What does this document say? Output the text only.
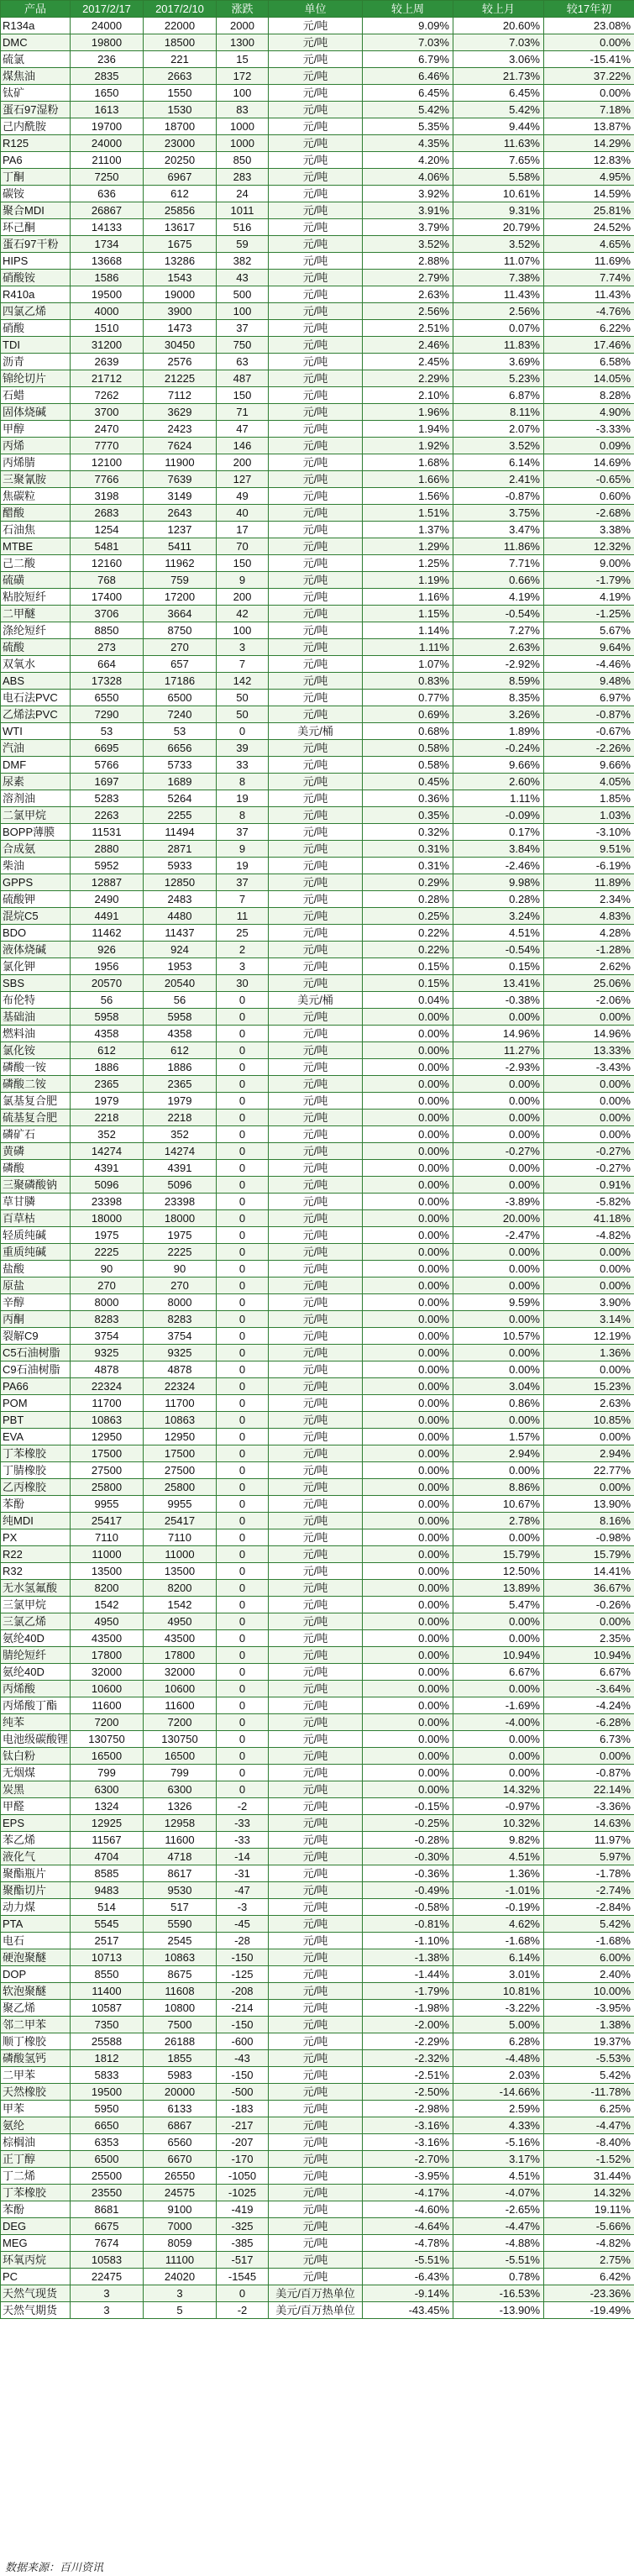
产品	2017/2/17	2017/2/10	涨跌	单位	较上周	较上月	较17年初
R134a	24000	22000	2000	元/吨	9.09%	20.60%	23.08%
DMC	19800	18500	1300	元/吨	7.03%	7.03%	0.00%
硫氯	236	221	15	元/吨	6.79%	3.06%	-15.41%
煤焦油	2835	2663	172	元/吨	6.46%	21.73%	37.22%
钛矿	1650	1550	100	元/吨	6.45%	6.45%	0.00%
蛋石97湿粉	1613	1530	83	元/吨	5.42%	5.42%	7.18%
己内酰胺	19700	18700	1000	元/吨	5.35%	9.44%	13.87%
R125	24000	23000	1000	元/吨	4.35%	11.63%	14.29%
PA6	21100	20250	850	元/吨	4.20%	7.65%	12.83%
丁酮	7250	6967	283	元/吨	4.06%	5.58%	4.95%
碳铵	636	612	24	元/吨	3.92%	10.61%	14.59%
聚合MDI	26867	25856	1011	元/吨	3.91%	9.31%	25.81%
环己酮	14133	13617	516	元/吨	3.79%	20.79%	24.52%
蛋石97干粉	1734	1675	59	元/吨	3.52%	3.52%	4.65%
HIPS	13668	13286	382	元/吨	2.88%	11.07%	11.69%
硝酸铵	1586	1543	43	元/吨	2.79%	7.38%	7.74%
R410a	19500	19000	500	元/吨	2.63%	11.43%	11.43%
四氯乙烯	4000	3900	100	元/吨	2.56%	2.56%	-4.76%
硝酸	1510	1473	37	元/吨	2.51%	0.07%	6.22%
TDI	31200	30450	750	元/吨	2.46%	11.83%	17.46%
沥青	2639	2576	63	元/吨	2.45%	3.69%	6.58%
锦纶切片	21712	21225	487	元/吨	2.29%	5.23%	14.05%
石蜡	7262	7112	150	元/吨	2.10%	6.87%	8.28%
固体烧碱	3700	3629	71	元/吨	1.96%	8.11%	4.90%
甲醇	2470	2423	47	元/吨	1.94%	2.07%	-3.33%
丙烯	7770	7624	146	元/吨	1.92%	3.52%	0.09%
丙烯腈	12100	11900	200	元/吨	1.68%	6.14%	14.69%
三聚氰胺	7766	7639	127	元/吨	1.66%	2.41%	-0.65%
焦碳粒	3198	3149	49	元/吨	1.56%	-0.87%	0.60%
醋酸	2683	2643	40	元/吨	1.51%	3.75%	-2.68%
石油焦	1254	1237	17	元/吨	1.37%	3.47%	3.38%
MTBE	5481	5411	70	元/吨	1.29%	11.86%	12.32%
己二酸	12160	11962	150	元/吨	1.25%	7.71%	9.00%
硫磺	768	759	9	元/吨	1.19%	0.66%	-1.79%
粘胶短纤	17400	17200	200	元/吨	1.16%	4.19%	4.19%
二甲醚	3706	3664	42	元/吨	1.15%	-0.54%	-1.25%
涤纶短纤	8850	8750	100	元/吨	1.14%	7.27%	5.67%
硫酸	273	270	3	元/吨	1.11%	2.63%	9.64%
双氧水	664	657	7	元/吨	1.07%	-2.92%	-4.46%
ABS	17328	17186	142	元/吨	0.83%	8.59%	9.48%
电石法PVC	6550	6500	50	元/吨	0.77%	8.35%	6.97%
乙烯法PVC	7290	7240	50	元/吨	0.69%	3.26%	-0.87%
WTI	53	53	0	美元/桶	0.68%	1.89%	-0.67%
汽油	6695	6656	39	元/吨	0.58%	-0.24%	-2.26%
DMF	5766	5733	33	元/吨	0.58%	9.66%	9.66%
尿素	1697	1689	8	元/吨	0.45%	2.60%	4.05%
溶剂油	5283	5264	19	元/吨	0.36%	1.11%	1.85%
二氯甲烷	2263	2255	8	元/吨	0.35%	-0.09%	1.03%
BOPP薄膜	11531	11494	37	元/吨	0.32%	0.17%	-3.10%
合成氨	2880	2871	9	元/吨	0.31%	3.84%	9.51%
柴油	5952	5933	19	元/吨	0.31%	-2.46%	-6.19%
GPPS	12887	12850	37	元/吨	0.29%	9.98%	11.89%
硫酸钾	2490	2483	7	元/吨	0.28%	0.28%	2.34%
混烷C5	4491	4480	11	元/吨	0.25%	3.24%	4.83%
BDO	11462	11437	25	元/吨	0.22%	4.51%	4.28%
液体烧碱	926	924	2	元/吨	0.22%	-0.54%	-1.28%
氯化钾	1956	1953	3	元/吨	0.15%	0.15%	2.62%
SBS	20570	20540	30	元/吨	0.15%	13.41%	25.06%
布伦特	56	56	0	美元/桶	0.04%	-0.38%	-2.06%
基础油	5958	5958	0	元/吨	0.00%	0.00%	0.00%
燃料油	4358	4358	0	元/吨	0.00%	14.96%	14.96%
氯化铵	612	612	0	元/吨	0.00%	11.27%	13.33%
磷酸一铵	1886	1886	0	元/吨	0.00%	-2.93%	-3.43%
磷酸二铵	2365	2365	0	元/吨	0.00%	0.00%	0.00%
氯基复合肥	1979	1979	0	元/吨	0.00%	0.00%	0.00%
硫基复合肥	2218	2218	0	元/吨	0.00%	0.00%	0.00%
磷矿石	352	352	0	元/吨	0.00%	0.00%	0.00%
黄磷	14274	14274	0	元/吨	0.00%	-0.27%	-0.27%
磷酸	4391	4391	0	元/吨	0.00%	0.00%	-0.27%
三聚磷酸钠	5096	5096	0	元/吨	0.00%	0.00%	0.91%
草甘膦	23398	23398	0	元/吨	0.00%	-3.89%	-5.82%
百草枯	18000	18000	0	元/吨	0.00%	20.00%	41.18%
轻质纯碱	1975	1975	0	元/吨	0.00%	-2.47%	-4.82%
重质纯碱	2225	2225	0	元/吨	0.00%	0.00%	0.00%
盐酸	90	90	0	元/吨	0.00%	0.00%	0.00%
原盐	270	270	0	元/吨	0.00%	0.00%	0.00%
辛醇	8000	8000	0	元/吨	0.00%	9.59%	3.90%
丙酮	8283	8283	0	元/吨	0.00%	0.00%	3.14%
裂解C9	3754	3754	0	元/吨	0.00%	10.57%	12.19%
C5石油树脂	9325	9325	0	元/吨	0.00%	0.00%	1.36%
C9石油树脂	4878	4878	0	元/吨	0.00%	0.00%	0.00%
PA66	22324	22324	0	元/吨	0.00%	3.04%	15.23%
POM	11700	11700	0	元/吨	0.00%	0.86%	2.63%
PBT	10863	10863	0	元/吨	0.00%	0.00%	10.85%
EVA	12950	12950	0	元/吨	0.00%	1.57%	0.00%
丁苯橡胶	17500	17500	0	元/吨	0.00%	2.94%	2.94%
丁腈橡胶	27500	27500	0	元/吨	0.00%	0.00%	22.77%
乙丙橡胶	25800	25800	0	元/吨	0.00%	8.86%	0.00%
苯酚	9955	9955	0	元/吨	0.00%	10.67%	13.90%
纯MDI	25417	25417	0	元/吨	0.00%	2.78%	8.16%
PX	7110	7110	0	元/吨	0.00%	0.00%	-0.98%
R22	11000	11000	0	元/吨	0.00%	15.79%	15.79%
R32	13500	13500	0	元/吨	0.00%	12.50%	14.41%
无水氢氟酸	8200	8200	0	元/吨	0.00%	13.89%	36.67%
三氯甲烷	1542	1542	0	元/吨	0.00%	5.47%	-0.26%
三氯乙烯	4950	4950	0	元/吨	0.00%	0.00%	0.00%
氨纶40D	43500	43500	0	元/吨	0.00%	0.00%	2.35%
腈纶短纤	17800	17800	0	元/吨	0.00%	10.94%	10.94%
氨纶40D	32000	32000	0	元/吨	0.00%	6.67%	6.67%
丙烯酸	10600	10600	0	元/吨	0.00%	0.00%	-3.64%
丙烯酸丁酯	11600	11600	0	元/吨	0.00%	-1.69%	-4.24%
纯苯	7200	7200	0	元/吨	0.00%	-4.00%	-6.28%
电池级碳酸锂	130750	130750	0	元/吨	0.00%	0.00%	6.73%
钛白粉	16500	16500	0	元/吨	0.00%	0.00%	0.00%
无烟煤	799	799	0	元/吨	0.00%	0.00%	-0.87%
炭黑	6300	6300	0	元/吨	0.00%	14.32%	22.14%
甲醛	1324	1326	-2	元/吨	-0.15%	-0.97%	-3.36%
EPS	12925	12958	-33	元/吨	-0.25%	10.32%	14.63%
苯乙烯	11567	11600	-33	元/吨	-0.28%	9.82%	11.97%
液化气	4704	4718	-14	元/吨	-0.30%	4.51%	5.97%
聚酯瓶片	8585	8617	-31	元/吨	-0.36%	1.36%	-1.78%
聚酯切片	9483	9530	-47	元/吨	-0.49%	-1.01%	-2.74%
动力煤	514	517	-3	元/吨	-0.58%	-0.19%	-2.84%
PTA	5545	5590	-45	元/吨	-0.81%	4.62%	5.42%
电石	2517	2545	-28	元/吨	-1.10%	-1.68%	-1.68%
硬泡聚醚	10713	10863	-150	元/吨	-1.38%	6.14%	6.00%
DOP	8550	8675	-125	元/吨	-1.44%	3.01%	2.40%
软泡聚醚	11400	11608	-208	元/吨	-1.79%	10.81%	10.00%
聚乙烯	10587	10800	-214	元/吨	-1.98%	-3.22%	-3.95%
邻二甲苯	7350	7500	-150	元/吨	-2.00%	5.00%	1.38%
顺丁橡胶	25588	26188	-600	元/吨	-2.29%	6.28%	19.37%
磷酸氢钙	1812	1855	-43	元/吨	-2.32%	-4.48%	-5.53%
二甲苯	5833	5983	-150	元/吨	-2.51%	2.03%	5.42%
天然橡胶	19500	20000	-500	元/吨	-2.50%	-14.66%	-11.78%
甲苯	5950	6133	-183	元/吨	-2.98%	2.59%	6.25%
氨纶	6650	6867	-217	元/吨	-3.16%	4.33%	-4.47%
棕榈油	6353	6560	-207	元/吨	-3.16%	-5.16%	-8.40%
正丁醇	6500	6670	-170	元/吨	-2.70%	3.17%	-1.52%
丁二烯	25500	26550	-1050	元/吨	-3.95%	4.51%	31.44%
丁苯橡胶	23550	24575	-1025	元/吨	-4.17%	-4.07%	14.32%
苯酚	8681	9100	-419	元/吨	-4.60%	-2.65%	19.11%
DEG	6675	7000	-325	元/吨	-4.64%	-4.47%	-5.66%
MEG	7674	8059	-385	元/吨	-4.78%	-4.88%	-4.82%
环氧丙烷	10583	11100	-517	元/吨	-5.51%	-5.51%	2.75%
PC	22475	24020	-1545	元/吨	-6.43%	0.78%	6.42%
天然气现货	3	3	0	美元/百万热单位	-9.14%	-16.53%	-23.36%
天然气期货	3	5	-2	美元/百万热单位	-43.45%	-13.90%	-19.49%
数据来源：百川资讯
